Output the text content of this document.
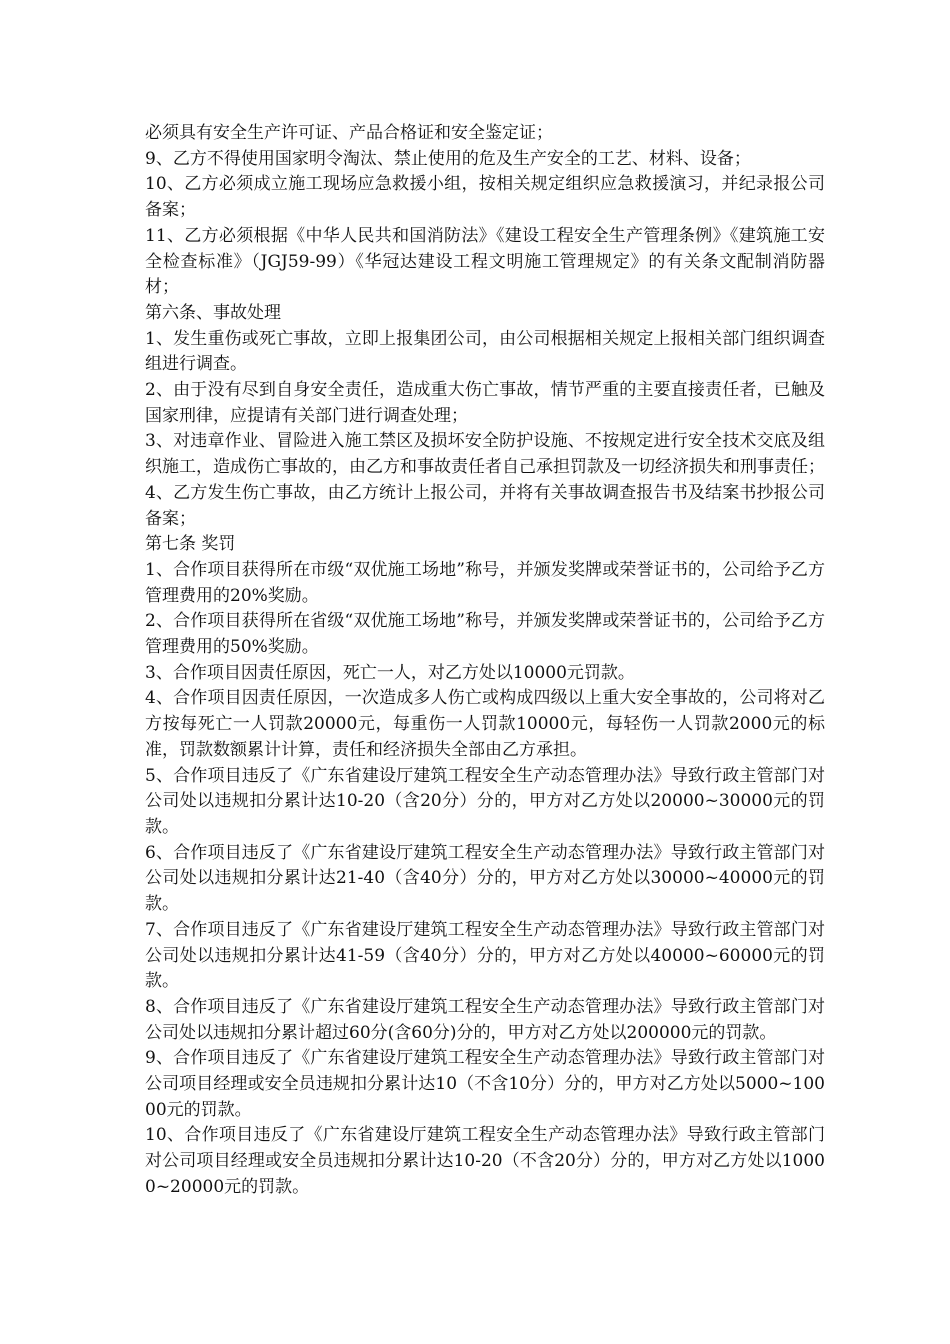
必须具有安全生产许可证、产品合格证和安全鉴定证；

9、乙方不得使用国家明令淘汰、禁止使用的危及生产安全的工艺、材料、设备；

10、乙方必须成立施工现场应急救援小组，按相关规定组织应急救援演习，并纪录报公司备案；

11、乙方必须根据《中华人民共和国消防法》《建设工程安全生产管理条例》《建筑施工安全检查标准》（JGJ59-99）《华冠达建设工程文明施工管理规定》的有关条文配制消防器材；

第六条、事故处理

1、发生重伤或死亡事故，立即上报集团公司，由公司根据相关规定上报相关部门组织调查组进行调查。

2、由于没有尽到自身安全责任，造成重大伤亡事故，情节严重的主要直接责任者，已触及国家刑律，应提请有关部门进行调查处理；

3、对违章作业、冒险进入施工禁区及损坏安全防护设施、不按规定进行安全技术交底及组织施工，造成伤亡事故的，由乙方和事故责任者自己承担罚款及一切经济损失和刑事责任；

4、乙方发生伤亡事故，由乙方统计上报公司，并将有关事故调查报告书及结案书抄报公司备案；

第七条 奖罚

1、合作项目获得所在市级“双优施工场地”称号，并颁发奖牌或荣誉证书的，公司给予乙方管理费用的20%奖励。

2、合作项目获得所在省级“双优施工场地”称号，并颁发奖牌或荣誉证书的，公司给予乙方管理费用的50%奖励。

3、合作项目因责任原因，死亡一人，对乙方处以10000元罚款。

4、合作项目因责任原因，一次造成多人伤亡或构成四级以上重大安全事故的，公司将对乙方按每死亡一人罚款20000元，每重伤一人罚款10000元，每轻伤一人罚款2000元的标准，罚款数额累计计算，责任和经济损失全部由乙方承担。

5、合作项目违反了《广东省建设厅建筑工程安全生产动态管理办法》导致行政主管部门对公司处以违规扣分累计达10-20（含20分）分的，甲方对乙方处以20000~30000元的罚款。

6、合作项目违反了《广东省建设厅建筑工程安全生产动态管理办法》导致行政主管部门对公司处以违规扣分累计达21-40（含40分）分的，甲方对乙方处以30000~40000元的罚款。

7、合作项目违反了《广东省建设厅建筑工程安全生产动态管理办法》导致行政主管部门对公司处以违规扣分累计达41-59（含40分）分的，甲方对乙方处以40000~60000元的罚款。

8、合作项目违反了《广东省建设厅建筑工程安全生产动态管理办法》导致行政主管部门对公司处以违规扣分累计超过60分(含60分)分的，甲方对乙方处以200000元的罚款。

9、合作项目违反了《广东省建设厅建筑工程安全生产动态管理办法》导致行政主管部门对公司项目经理或安全员违规扣分累计达10（不含10分）分的，甲方对乙方处以5000~10000元的罚款。

10、合作项目违反了《广东省建设厅建筑工程安全生产动态管理办法》导致行政主管部门对公司项目经理或安全员违规扣分累计达10-20（不含20分）分的，甲方对乙方处以10000~20000元的罚款。
